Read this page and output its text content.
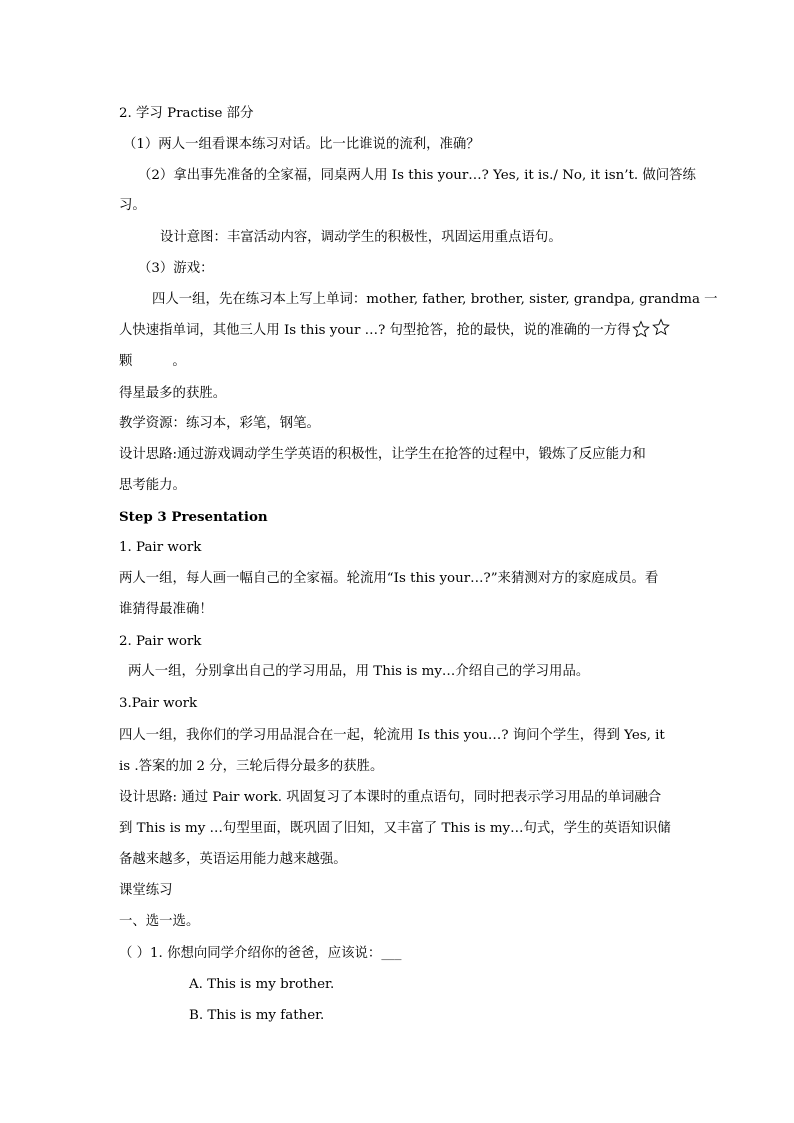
2. 学习 Practise 部分
（1）两人一组看课本练习对话。比一比谁说的流利，准确？
（2）拿出事先准备的全家福，同桌两人用 Is this your…? Yes, it is./ No, it isn’t. 做问答练
习。
设计意图：丰富活动内容，调动学生的积极性，巩固运用重点语句。
（3）游戏：
四人一组，先在练习本上写上单词：mother, father, brother, sister, grandpa, grandma 一
人快速指单词，其他三人用 Is this your …? 句型抢答，抢的最快，说的准确的一方得
颗	。
得星最多的获胜。
教学资源：练习本，彩笔，钢笔。
设计思路:通过游戏调动学生学英语的积极性，让学生在抢答的过程中，锻炼了反应能力和
思考能力。
Step 3 Presentation
1. Pair work
两人一组，每人画一幅自己的全家福。轮流用“Is this your…?”来猜测对方的家庭成员。看
谁猜得最准确！
2. Pair work
两人一组，分别拿出自己的学习用品，用 This is my…介绍自己的学习用品。
3.Pair work
四人一组，我你们的学习用品混合在一起，轮流用 Is this you…? 询问个学生，得到 Yes, it
is .答案的加 2 分，三轮后得分最多的获胜。
设计思路: 通过 Pair work. 巩固复习了本课时的重点语句，同时把表示学习用品的单词融合
到 This is my …句型里面，既巩固了旧知，又丰富了 This is my…句式，学生的英语知识储
备越来越多，英语运用能力越来越强。
课堂练习
一、选一选。
（ ）1. 你想向同学介绍你的爸爸，应该说：___
A. This is my brother.
B. This is my father.
